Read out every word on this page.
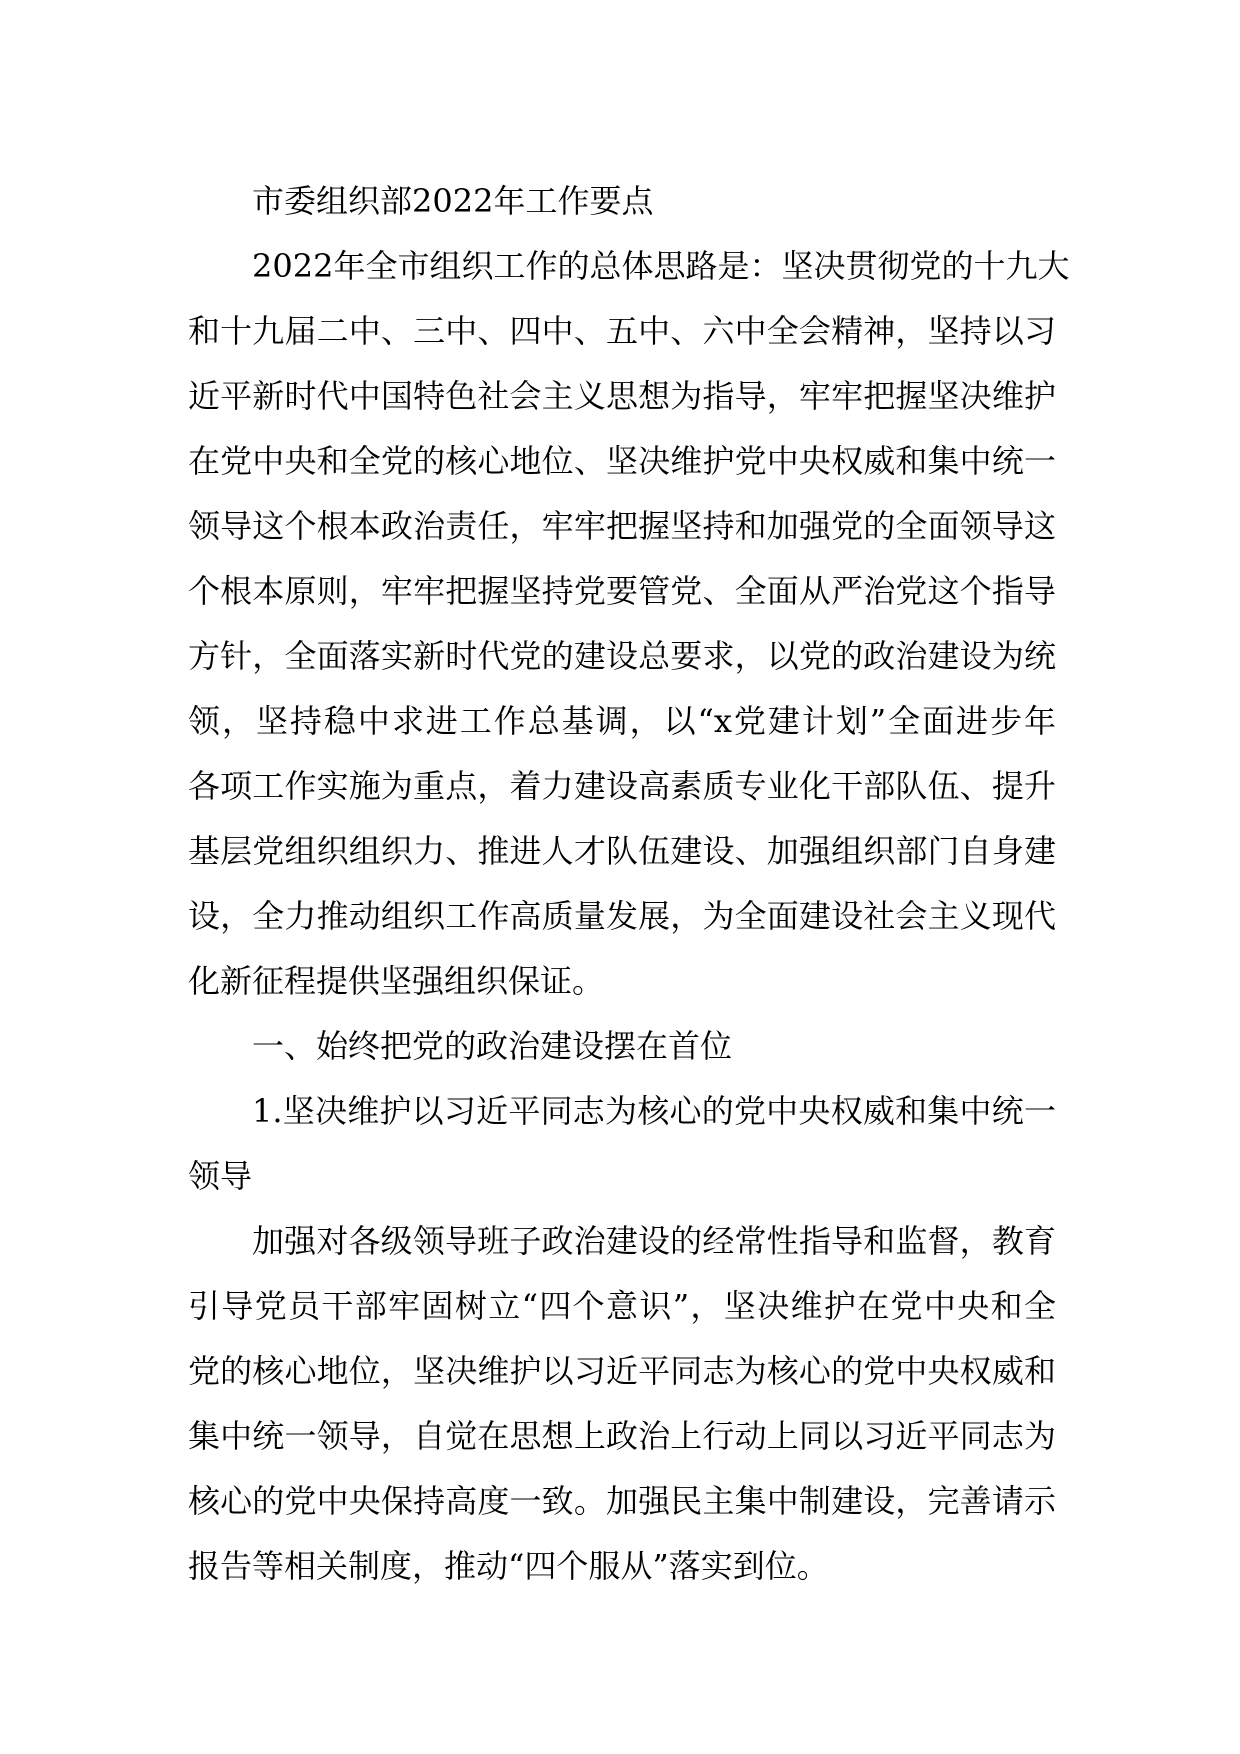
市委组织部2022年工作要点
2022年全市组织工作的总体思路是：坚决贯彻党的十九大
和十九届二中、三中、四中、五中、六中全会精神，坚持以习
近平新时代中国特色社会主义思想为指导，牢牢把握坚决维护
在党中央和全党的核心地位、坚决维护党中央权威和集中统一
领导这个根本政治责任，牢牢把握坚持和加强党的全面领导这
个根本原则，牢牢把握坚持党要管党、全面从严治党这个指导
方针，全面落实新时代党的建设总要求，以党的政治建设为统
领，坚持稳中求进工作总基调，以“x党建计划”全面进步年
各项工作实施为重点，着力建设高素质专业化干部队伍、提升
基层党组织组织力、推进人才队伍建设、加强组织部门自身建
设，全力推动组织工作高质量发展，为全面建设社会主义现代
化新征程提供坚强组织保证。
一、始终把党的政治建设摆在首位
1.坚决维护以习近平同志为核心的党中央权威和集中统一
领导
加强对各级领导班子政治建设的经常性指导和监督，教育
引导党员干部牢固树立“四个意识”，坚决维护在党中央和全
党的核心地位，坚决维护以习近平同志为核心的党中央权威和
集中统一领导，自觉在思想上政治上行动上同以习近平同志为
核心的党中央保持高度一致。加强民主集中制建设，完善请示
报告等相关制度，推动“四个服从”落实到位。
